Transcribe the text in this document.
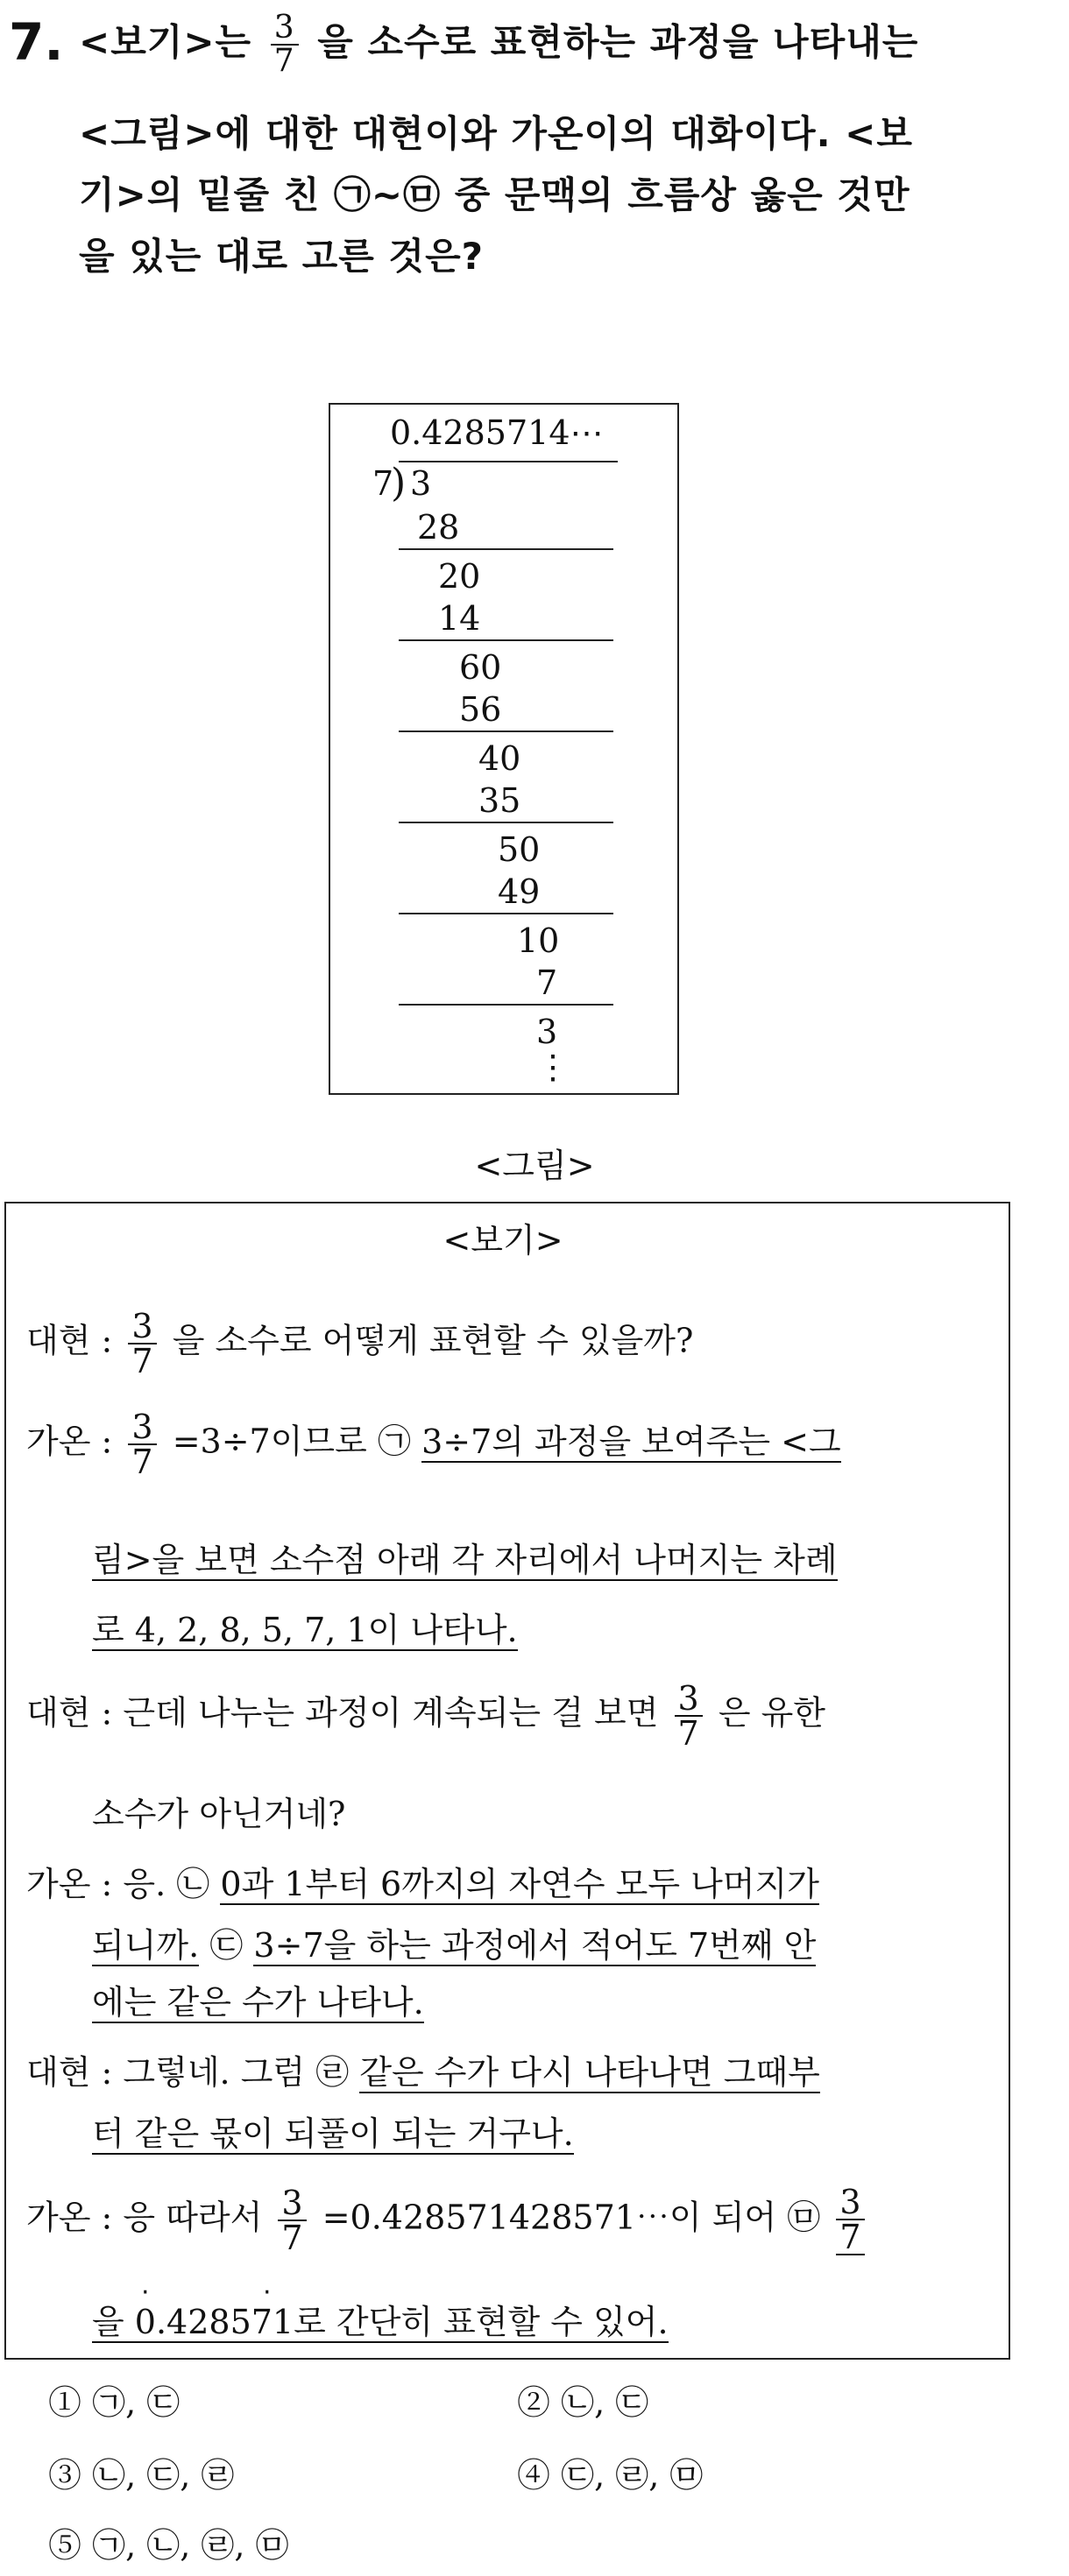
7. <보기>는 $\frac{3}{7}$ 을 소수로 표현하는 과정을 나타내는
<그림>에 대한 대현이와 가온이의 대화이다. <보
기>의 밑줄 친 ㉠~㉤ 중 문맥의 흐름상 옳은 것만
을 있는 대로 고른 것은?
0.4285714⋯
7
) 3
28
20
14
60
56
40
35
50
49
10
7
3
⋮
<그림>
<보기>
대현 : $\frac{3}{7}$ 을 소수로 어떻게 표현할 수 있을까?
가온 : $\frac{3}{7} =3\div 7$이므로 ㉠ 3÷7의 과정을 보여주는 <그
림>을 보면 소수점 아래 각 자리에서 나머지는 차례
로 4, 2, 8, 5, 7, 1이 나타나.
대현 : 근데 나누는 과정이 계속되는 걸 보면 $\frac{3}{7}$ 은 유한
소수가 아닌거네?
가온 : 응. ㉡ 0과 1부터 6까지의 자연수 모두 나머지가
되니까. ㉢ 3÷7을 하는 과정에서 적어도 7번째 안
에는 같은 수가 나타나.
대현 : 그렇네. 그럼 ㉣ 같은 수가 다시 나타나면 그때부
터 같은 몫이 되풀이 되는 거구나.
가온 : 응 따라서 $\frac{3}{7}$ =0.428571428571⋯이 되어 ㉤ $\frac{3}{7}$
·	·
을 0.428571로 간단히 표현할 수 있어.
① ㉠, ㉢	② ㉡, ㉢
③ ㉡, ㉢, ㉣	④ ㉢, ㉣, ㉤
⑤ ㉠, ㉡, ㉣, ㉤
